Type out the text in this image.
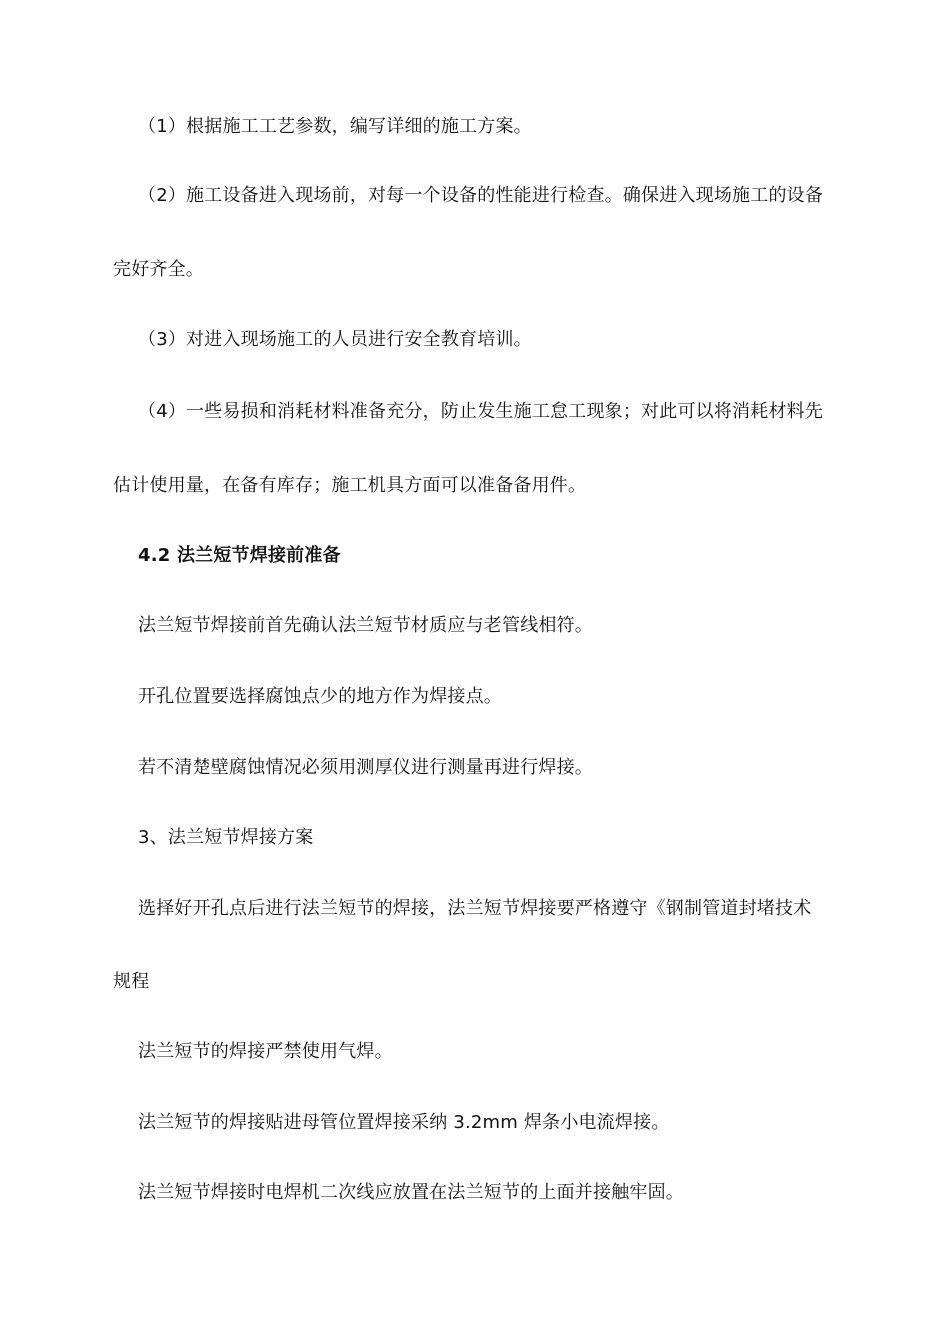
（1）根据施工工艺参数，编写详细的施工方案。
（2）施工设备进入现场前，对每一个设备的性能进行检查。确保进入现场施工的设备
完好齐全。
（3）对进入现场施工的人员进行安全教育培训。
（4）一些易损和消耗材料准备充分，防止发生施工怠工现象；对此可以将消耗材料先
估计使用量，在备有库存；施工机具方面可以准备备用件。
4.2 法兰短节焊接前准备
法兰短节焊接前首先确认法兰短节材质应与老管线相符。
开孔位置要选择腐蚀点少的地方作为焊接点。
若不清楚壁腐蚀情况必须用测厚仪进行测量再进行焊接。
3、法兰短节焊接方案
选择好开孔点后进行法兰短节的焊接，法兰短节焊接要严格遵守《钢制管道封堵技术
规程
法兰短节的焊接严禁使用气焊。
法兰短节的焊接贴进母管位置焊接采纳 3.2mm 焊条小电流焊接。
法兰短节焊接时电焊机二次线应放置在法兰短节的上面并接触牢固。
